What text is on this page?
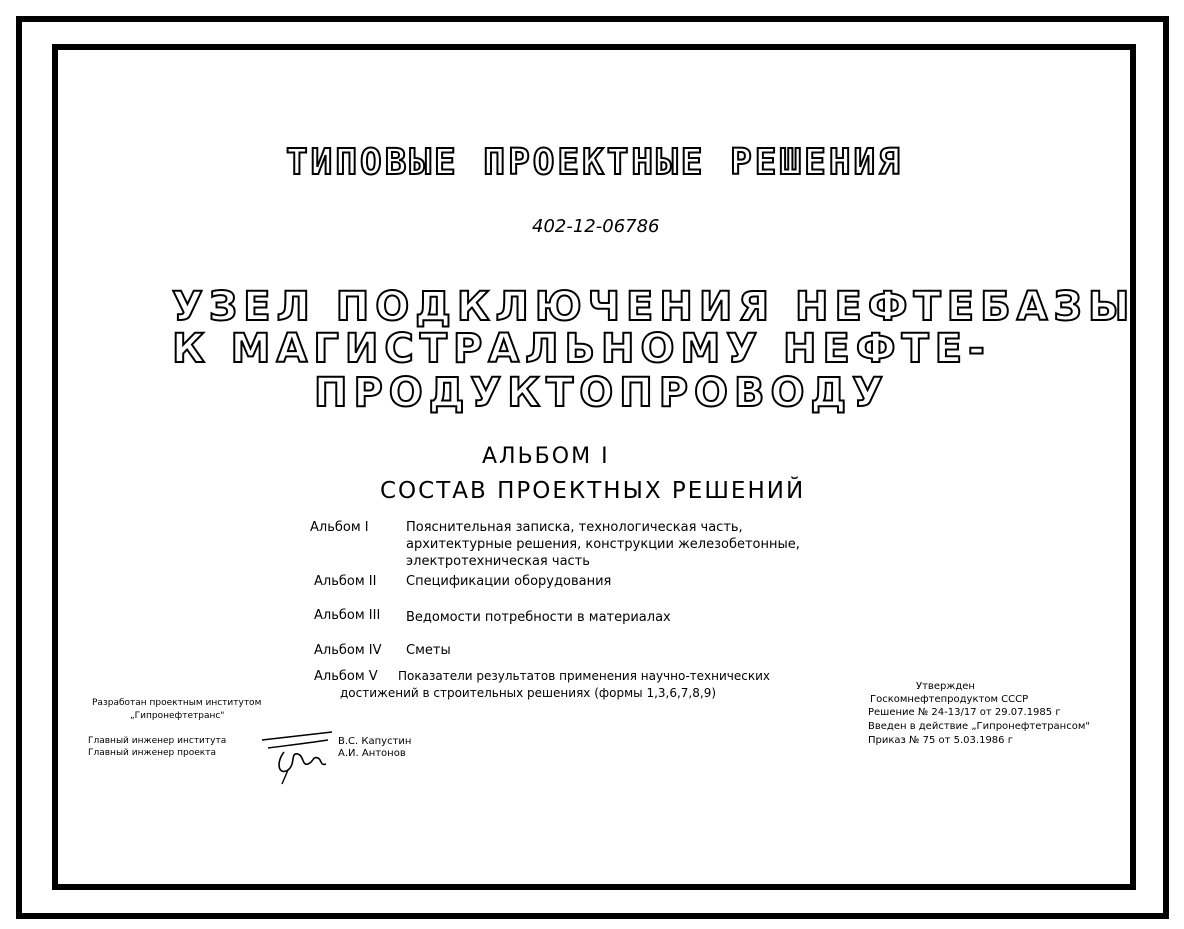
ТИПОВЫЕ ПРОЕКТНЫЕ РЕШЕНИЯ
402-12-06786
УЗЕЛ ПОДКЛЮЧЕНИЯ НЕФТЕБАЗЫ
К МАГИСТРАЛЬНОМУ НЕФТЕ-
ПРОДУКТОПРОВОДУ
АЛЬБОМ I
СОСТАВ ПРОЕКТНЫХ РЕШЕНИЙ
Альбом I	Пояснительная записка, технологическая часть,
архитектурные решения, конструкции железобетонные,
электротехническая часть
Альбом II Спецификации оборудования
Альбом III Ведомости потребности в материалах
Альбом IV Сметы
Альбом V Показатели результатов применения научно-технических
достижений в строительных решениях (формы 1,3,6,7,8,9)
Разработан проектным институтом
„Гипронефтетранс"
Главный инженер института
Главный инженер проекта
В.С. Капустин
А.И. Антонов
Утвержден
Госкомнефтепродуктом СССР
Решение № 24-13/17 от 29.07.1985 г
Введен в действие „Гипронефтетрансом"
Приказ № 75 от 5.03.1986 г
